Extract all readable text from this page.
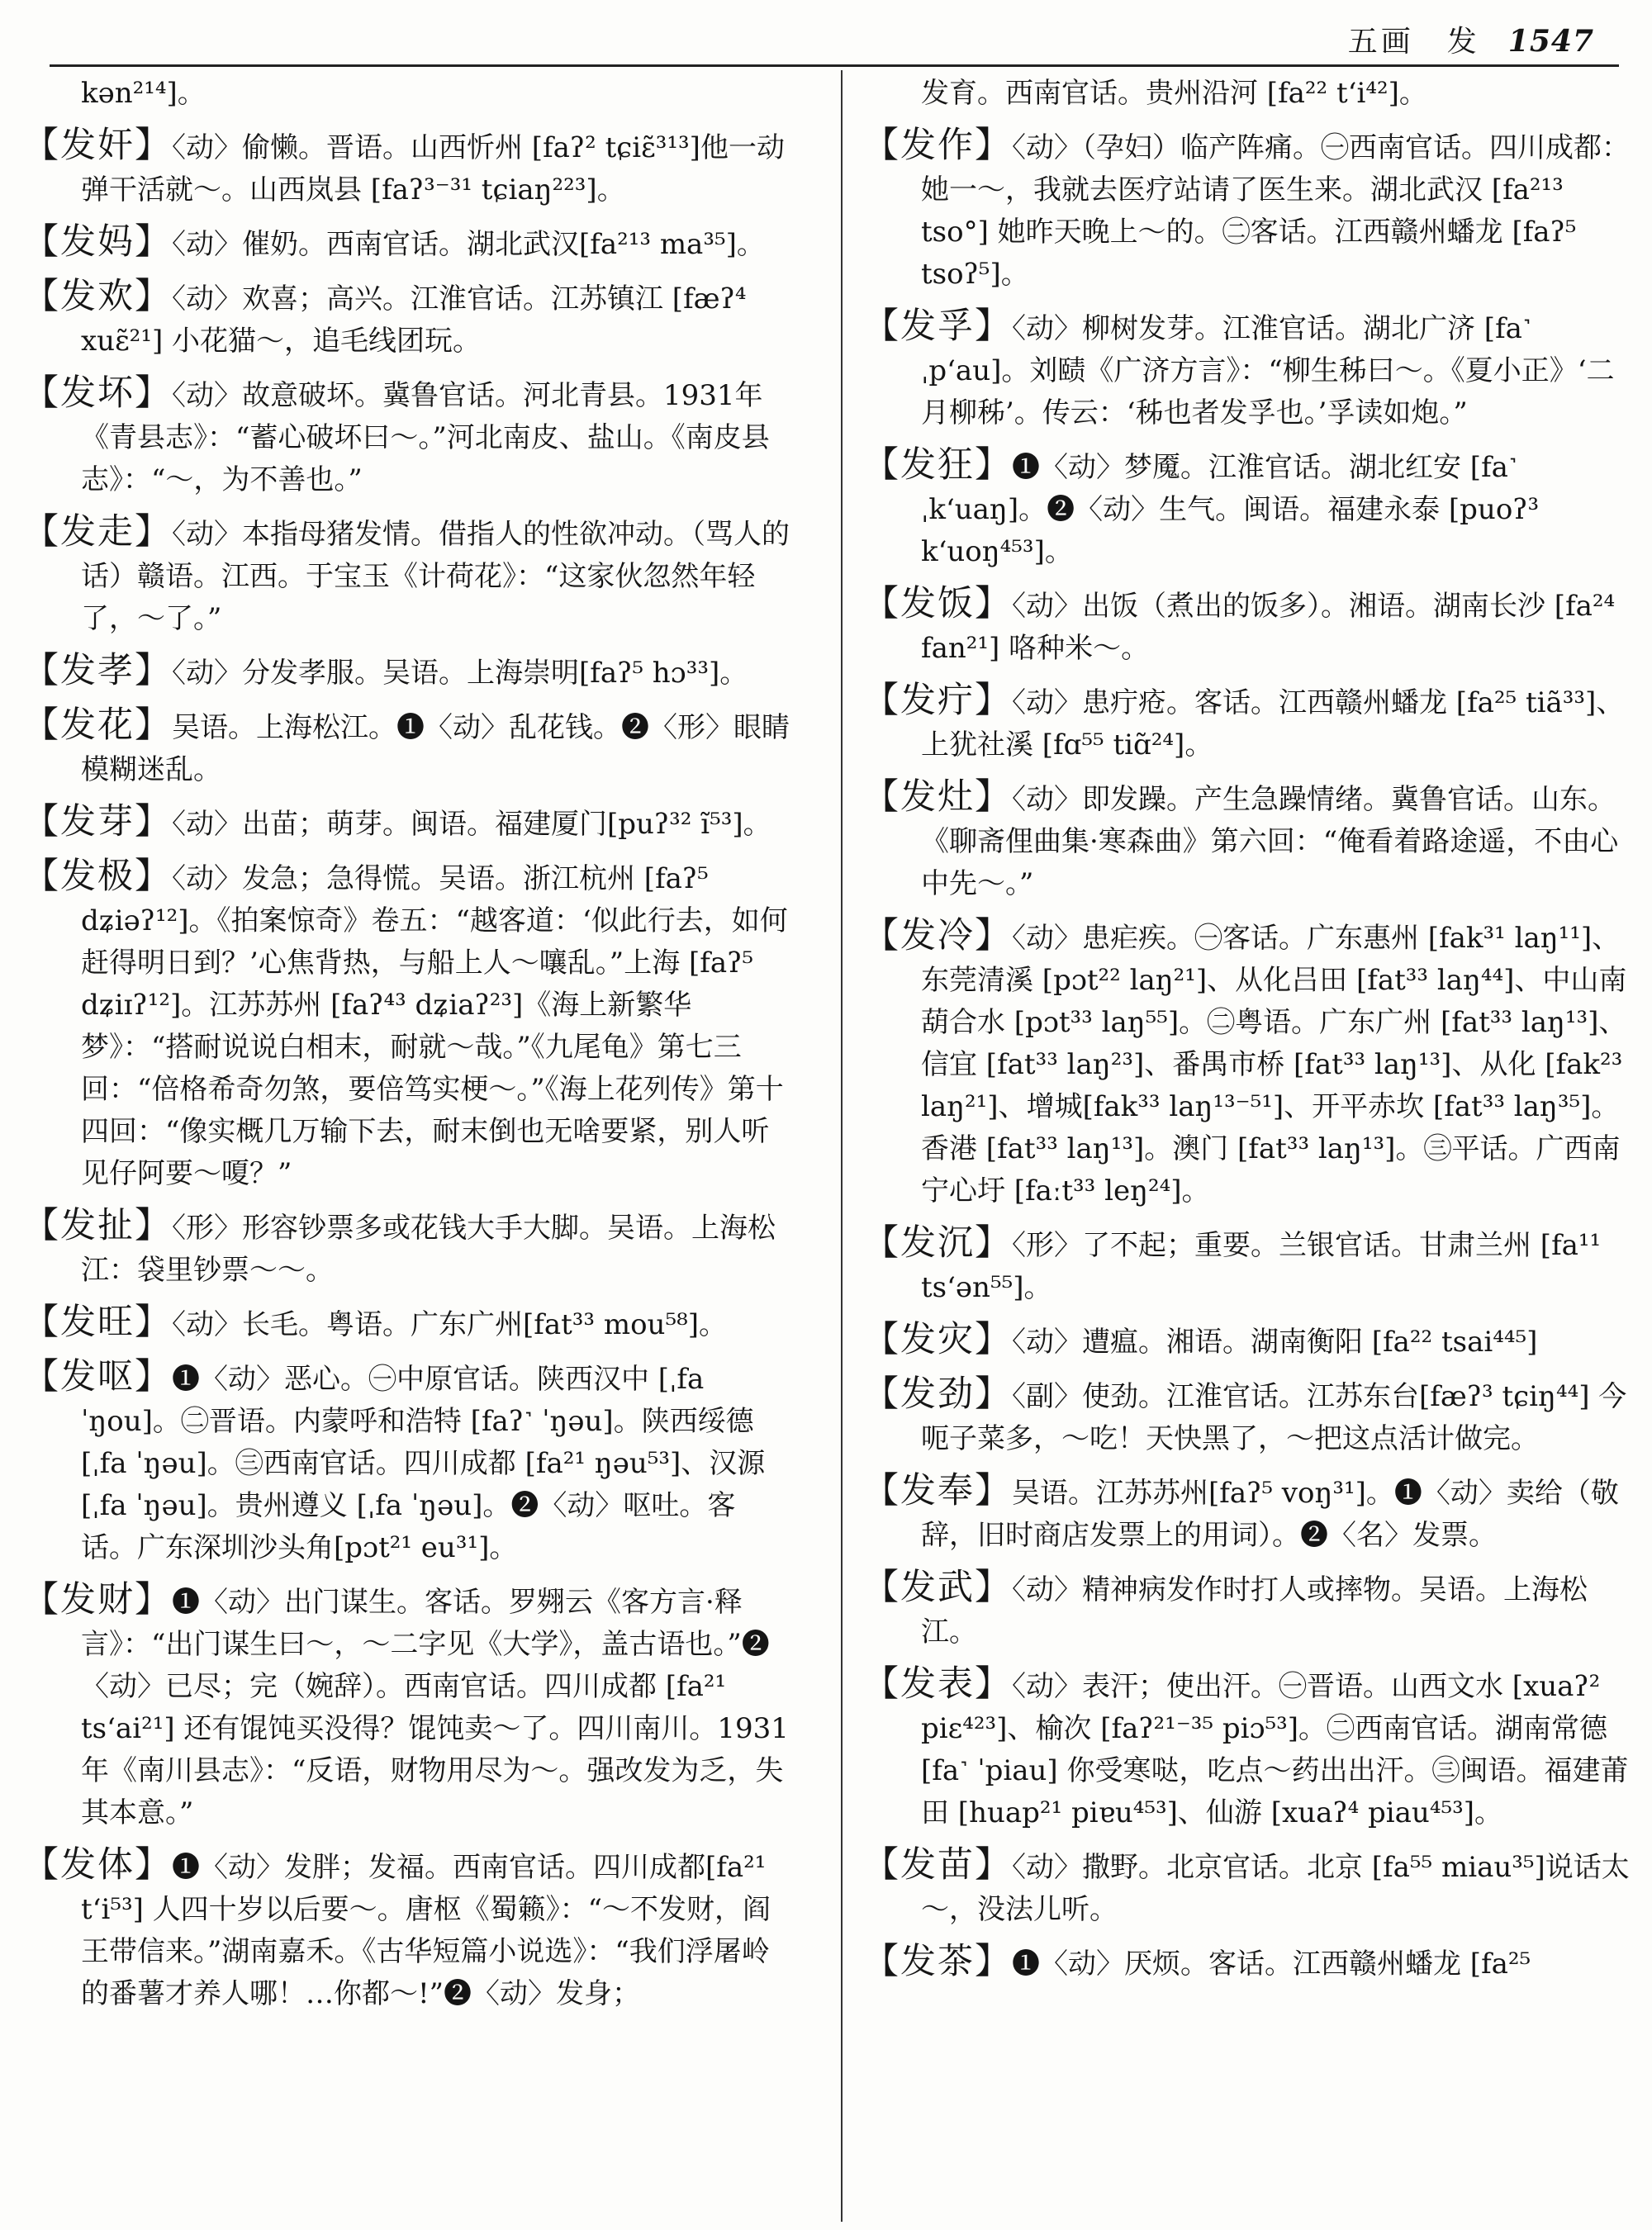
五画　发 1547

kən²¹⁴]。

【发奸】〈动〉偷懒。晋语。山西忻州 [faʔ² tɕiɛ̃³¹³]他一动弹干活就～。山西岚县 [faʔ³⁻³¹ tɕiaŋ²²³]。

【发妈】〈动〉催奶。西南官话。湖北武汉[fa²¹³ ma³⁵]。

【发欢】〈动〉欢喜；高兴。江淮官话。江苏镇江 [fæʔ⁴ xuɛ̃²¹] 小花猫～，追毛线团玩。

【发坏】〈动〉故意破坏。冀鲁官话。河北青县。1931年《青县志》：“蓄心破坏曰～。”河北南皮、盐山。《南皮县志》：“～，为不善也。”

【发走】〈动〉本指母猪发情。借指人的性欲冲动。（骂人的话）赣语。江西。于宝玉《计荷花》：“这家伙忽然年轻了，～了。”

【发孝】〈动〉分发孝服。吴语。上海崇明[faʔ⁵ hɔ³³]。

【发花】吴语。上海松江。❶〈动〉乱花钱。❷〈形〉眼睛模糊迷乱。

【发芽】〈动〉出苗；萌芽。闽语。福建厦门[puʔ³² ĩ⁵³]。

【发极】〈动〉发急；急得慌。吴语。浙江杭州 [faʔ⁵ dʑiəʔ¹²]。《拍案惊奇》卷五：“越客道：‘似此行去，如何赶得明日到？’心焦背热，与船上人～嚷乱。”上海 [faʔ⁵ dʑiɪʔ¹²]。江苏苏州 [faʔ⁴³ dʑiaʔ²³]《海上新繁华梦》：“搭耐说说白相末，耐就～哉。”《九尾龟》第七三回：“倍格希奇勿煞，要倍笃实梗～。”《海上花列传》第十四回：“像实概几万输下去，耐末倒也无啥要紧，别人听见仔阿要～嗄？”

【发扯】〈形〉形容钞票多或花钱大手大脚。吴语。上海松江：袋里钞票～～。

【发旺】〈动〉长毛。粤语。广东广州[fat³³ mou⁵⁸]。

【发呕】❶〈动〉恶心。㊀中原官话。陕西汉中 [ˌfa ˈŋou]。㊁晋语。内蒙呼和浩特 [faʔ˺ ˈŋəu]。陕西绥德 [ˌfa ˈŋəu]。㊂西南官话。四川成都 [fa²¹ ŋəu⁵³]、汉源 [ˌfa ˈŋəu]。贵州遵义 [ˌfa ˈŋəu]。❷〈动〉呕吐。客话。广东深圳沙头角[pɔt²¹ eu³¹]。

【发财】❶〈动〉出门谋生。客话。罗翙云《客方言·释言》：“出门谋生曰～，～二字见《大学》，盖古语也。”❷〈动〉已尽；完（婉辞）。西南官话。四川成都 [fa²¹ ts‘ai²¹] 还有馄饨买没得？馄饨卖～了。四川南川。1931年《南川县志》：“反语，财物用尽为～。强改发为乏，失其本意。”

【发体】❶〈动〉发胖；发福。西南官话。四川成都[fa²¹ t‘i⁵³] 人四十岁以后要～。唐枢《蜀籁》：“～不发财，阎王带信来。”湖南嘉禾。《古华短篇小说选》：“我们浮屠岭的番薯才养人哪！…你都～!”❷〈动〉发身；

发育。西南官话。贵州沿河 [fa²² t‘i⁴²]。

【发作】〈动〉（孕妇）临产阵痛。㊀西南官话。四川成都：她一～，我就去医疗站请了医生来。湖北武汉 [fa²¹³ tso°] 她昨天晚上～的。㊁客话。江西赣州蟠龙 [faʔ⁵ tsoʔ⁵]。

【发孚】〈动〉柳树发芽。江淮官话。湖北广济 [fa˺ ˌp‘au]。刘赜《广济方言》：“柳生秭曰～。《夏小正》‘二月柳秭’。传云：‘秭也者发孚也。’孚读如炮。”

【发狂】❶〈动〉梦魇。江淮官话。湖北红安 [fa˺ ˌk‘uaŋ]。❷〈动〉生气。闽语。福建永泰 [puoʔ³ k‘uoŋ⁴⁵³]。

【发饭】〈动〉出饭（煮出的饭多）。湘语。湖南长沙 [fa²⁴ fan²¹] 咯种米～。

【发疔】〈动〉患疔疮。客话。江西赣州蟠龙 [fa²⁵ tiã³³]、上犹社溪 [fɑ⁵⁵ tiɑ̃²⁴]。

【发灶】〈动〉即发躁。产生急躁情绪。冀鲁官话。山东。《聊斋俚曲集·寒森曲》第六回：“俺看着路途遥，不由心中先～。”

【发冷】〈动〉患疟疾。㊀客话。广东惠州 [fak³¹ laŋ¹¹]、东莞清溪 [pɔt²² laŋ²¹]、从化吕田 [fat³³ laŋ⁴⁴]、中山南葫合水 [pɔt³³ laŋ⁵⁵]。㊁粤语。广东广州 [fat³³ laŋ¹³]、信宜 [fat³³ laŋ²³]、番禺市桥 [fat³³ laŋ¹³]、从化 [fak²³ laŋ²¹]、增城[fak³³ laŋ¹³⁻⁵¹]、开平赤坎 [fat³³ laŋ³⁵]。香港 [fat³³ laŋ¹³]。澳门 [fat³³ laŋ¹³]。㊂平话。广西南宁心圩 [faːt³³ leŋ²⁴]。

【发沉】〈形〉了不起；重要。兰银官话。甘肃兰州 [fa¹¹ ts‘ən⁵⁵]。

【发灾】〈动〉遭瘟。湘语。湖南衡阳 [fa²² tsai⁴⁴⁵]

【发劲】〈副〉使劲。江淮官话。江苏东台[fæʔ³ tɕiŋ⁴⁴] 今呃子菜多，～吃！天快黑了，～把这点活计做完。

【发奉】吴语。江苏苏州[faʔ⁵ voŋ³¹]。❶〈动〉卖给（敬辞，旧时商店发票上的用词）。❷〈名〉发票。

【发武】〈动〉精神病发作时打人或摔物。吴语。上海松江。

【发表】〈动〉表汗；使出汗。㊀晋语。山西文水 [xuaʔ² piɛ⁴²³]、榆次 [faʔ²¹⁻³⁵ piɔ⁵³]。㊁西南官话。湖南常德 [fa˺ ˈpiau] 你受寒哒，吃点～药出出汗。㊂闽语。福建莆田 [huap²¹ piɐu⁴⁵³]、仙游 [xuaʔ⁴ piau⁴⁵³]。

【发苗】〈动〉撒野。北京官话。北京 [fa⁵⁵ miau³⁵]说话太～，没法儿听。

【发茶】❶〈动〉厌烦。客话。江西赣州蟠龙 [fa²⁵
